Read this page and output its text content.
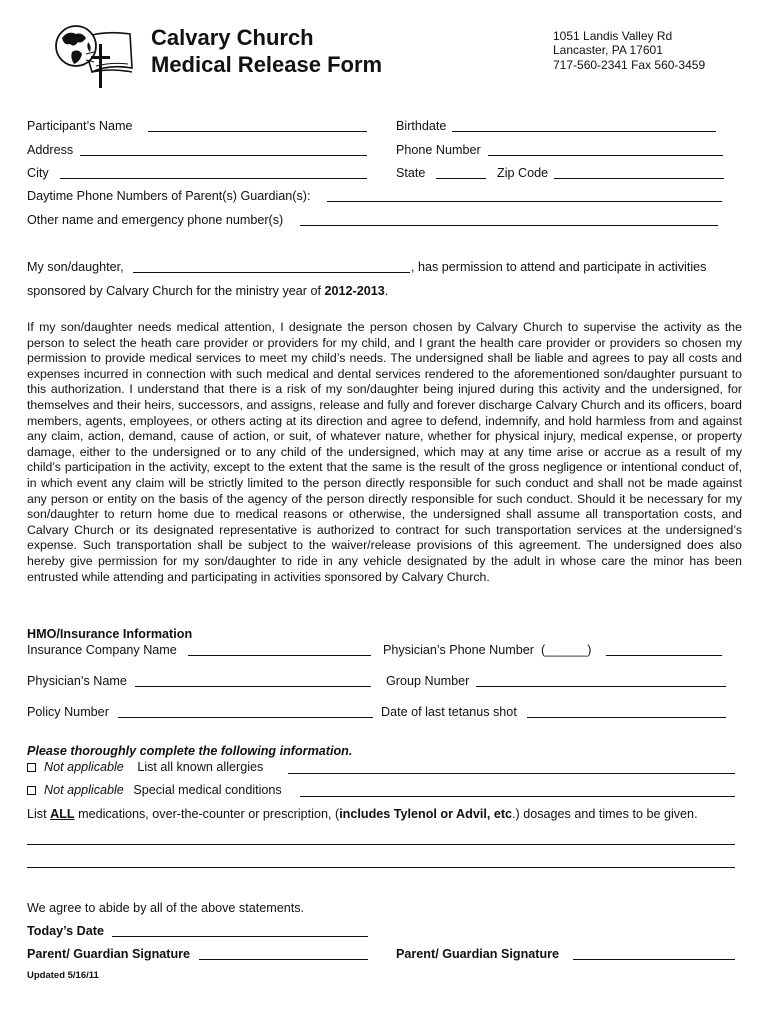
Calvary Church
Medical Release Form
1051 Landis Valley Rd
Lancaster, PA 17601
717-560-2341 Fax 560-3459
Participant’s Name	Birthdate
Address	Phone Number
City	State	Zip Code
Daytime Phone Numbers of Parent(s) Guardian(s):
Other name and emergency phone number(s)
My son/daughter,	, has permission to attend and participate in activities
sponsored by Calvary Church for the ministry year of 2012-2013.
If my son/daughter needs medical attention, I designate the person chosen by Calvary Church to supervise the activity as the person to select the heath care provider or providers for my child, and I grant the health care provider or providers so chosen my permission to provide medical services to meet my child’s needs. The undersigned shall be liable and agrees to pay all costs and expenses incurred in connection with such medical and dental services rendered to the aforementioned son/daughter pursuant to this authorization. I understand that there is a risk of my son/daughter being injured during this activity and the undersigned, for themselves and their heirs, successors, and assigns, release and fully and forever discharge Calvary Church and its officers, board members, agents, employees, or others acting at its direction and agree to defend, indemnify, and hold harmless from and against any claim, action, demand, cause of action, or suit, of whatever nature, whether for physical injury, medical expense, or property damage, either to the undersigned or to any child of the undersigned, which may at any time arise or accrue as a result of my child’s participation in the activity, except to the extent that the same is the result of the gross negligence or intentional conduct of, in which event any claim will be strictly limited to the person directly responsible for such conduct and shall not be made against any person or entity on the basis of the agency of the person directly responsible for such conduct. Should it be necessary for my son/daughter to return home due to medical reasons or otherwise, the undersigned shall assume all transportation costs, and Calvary Church or its designated representative is authorized to contract for such transportation services at the undersigned’s expense. Such transportation shall be subject to the waiver/release provisions of this agreement. The undersigned does also hereby give permission for my son/daughter to ride in any vehicle designated by the adult in whose care the minor has been entrusted while attending and participating in activities sponsored by Calvary Church.
HMO/Insurance Information
Insurance Company Name	Physician’s Phone Number (______)
Physician’s Name	Group Number
Policy Number	Date of last tetanus shot
Please thoroughly complete the following information.
Not applicable List all known allergies
Not applicable Special medical conditions
List ALL medications, over-the-counter or prescription, (includes Tylenol or Advil, etc.) dosages and times to be given.
We agree to abide by all of the above statements.
Today’s Date
Parent/ Guardian Signature	Parent/ Guardian Signature
Updated 5/16/11
